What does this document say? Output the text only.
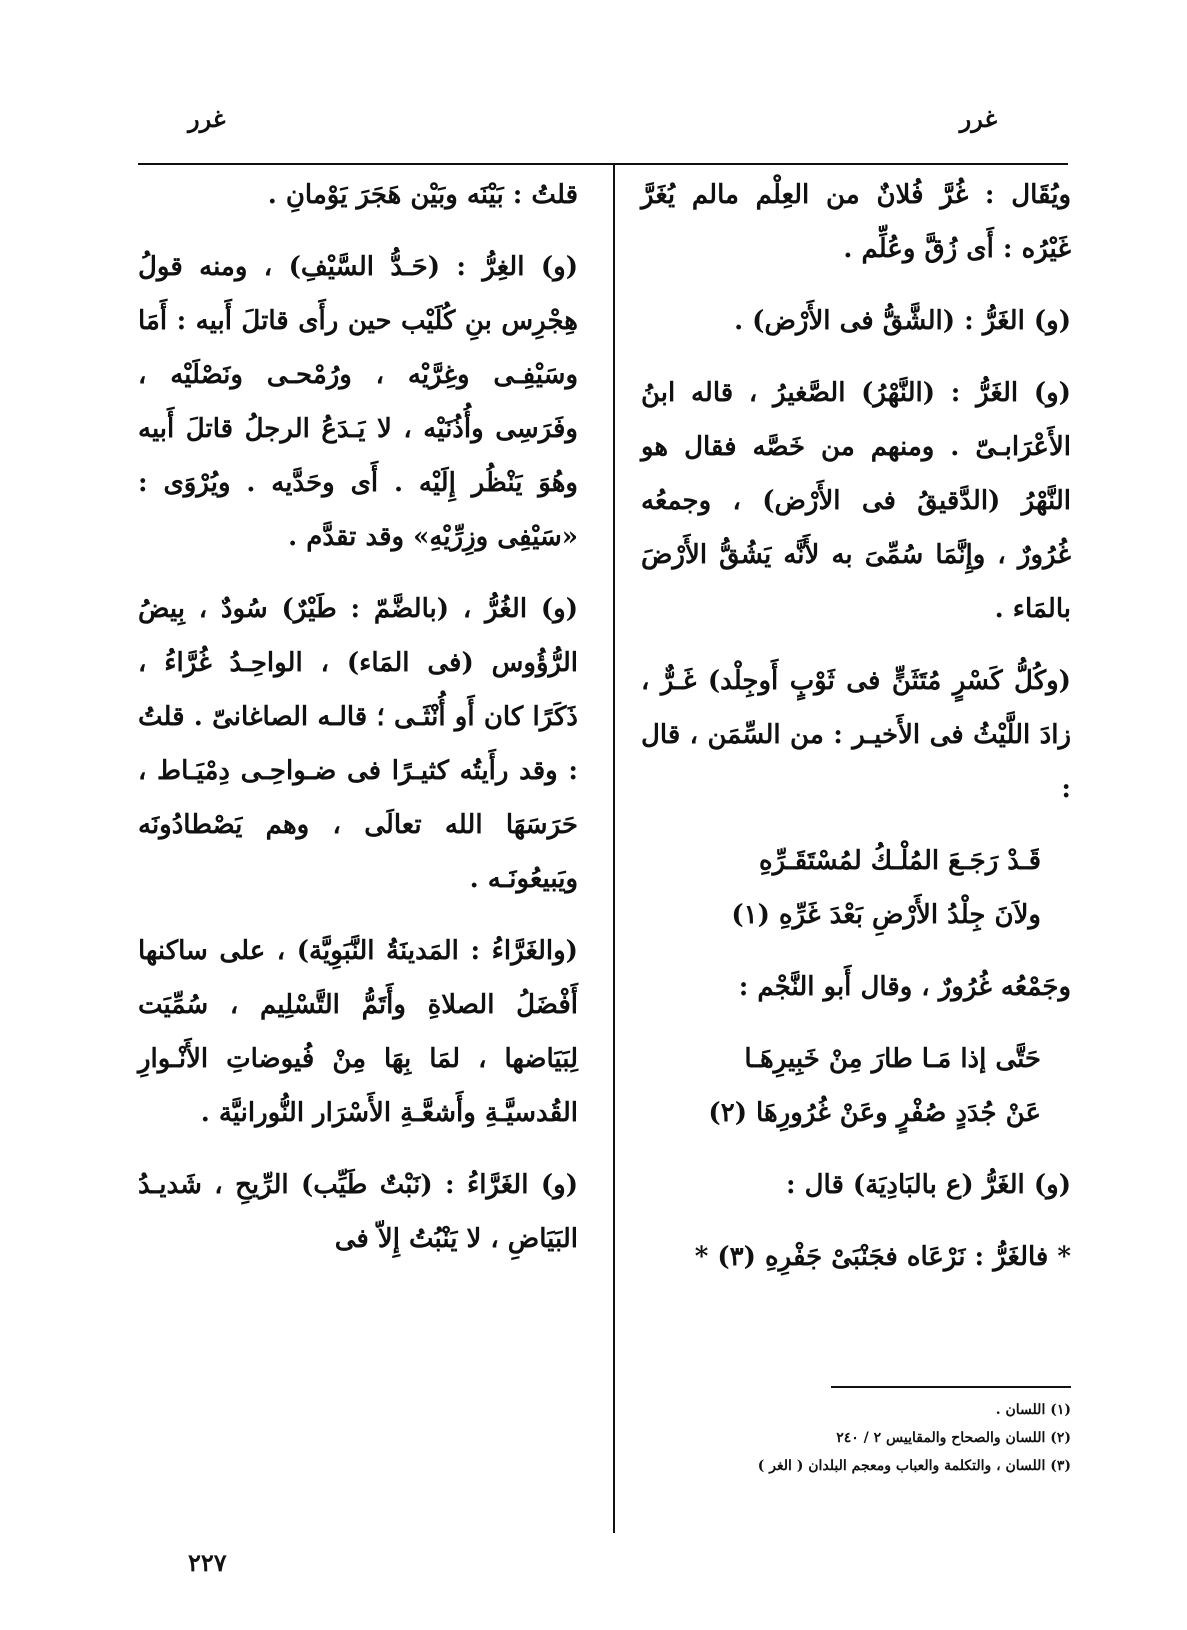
غرر
غرر

ويُقَال : غُرَّ فُلانٌ من العِلْم مالم يُغَرَّ غَيْرُه : أَى زُقَّ وعُلِّم .

(و) الغَرُّ : (الشَّقُّ فى الأَرْض) .

(و) الغَرُّ : (النَّهْرُ) الصَّغيرُ ، قاله ابنُ الأَعْرَابـىّ . ومنهم من خَصَّه فقال هو النَّهْرُ (الدَّقيقُ فى الأَرْض) ، وجمعُه غُرُورٌ ، وإِنَّمَا سُمِّىَ به لأَنَّه يَشُقُّ الأَرْضَ بالمَاء .

(وكُلُّ كَسْرٍ مُتَثَنٍّ فى ثَوْبٍ أَوجِلْد) غَـرٌّ ، زادَ اللَّيْثُ فى الأَخيـر : من السِّمَن ، قال :

قَـدْ رَجَـعَ المُلْـكُ لمُسْتَقَـرِّهِ
ولاَنَ جِلْدُ الأَرْضِ بَعْدَ غَرِّهِ (١)

وجَمْعُه غُرُورٌ ، وقال أَبو النَّجْم :

حَتَّى إذا مَـا طارَ مِنْ خَبِيرِهَـا
عَنْ جُدَدٍ صُفْرٍ وعَنْ غُرُورِهَا (٢)

(و) الغَرُّ (ع بالبَادِيَة) قال :

* فالغَرُّ : نَرْعَاه فجَنْبَىْ جَفْرِهِ (٣) *

قلتُ : بَيْنَه وبَيْن هَجَرَ يَوْمانِ .

(و) الغِرُّ : (حَـدُّ السَّيْفِ) ، ومنه قولُ هِجْرِس بنِ كُلَيْب حين رأَى قاتلَ أَبيه : أَمَا وسَيْفِـى وغِرَّيْه ، ورُمْحـى ونَصْلَيْه ، وفَرَسِى وأُذُنَيْه ، لا يَـدَعُ الرجلُ قاتلَ أَبيه وهُوَ يَنْظُر إِلَيْه . أَى وحَدَّيه . ويُرْوَى : «سَيْفِى وزِرِّيْهِ» وقد تقدَّم .

(و) الغُرُّ ، (بالضَّمّ : طَيْرٌ) سُودٌ ، بِيضُ الرُّؤُوس (فى المَاء) ، الواحِـدُ غُرَّاءُ ، ذَكَرًا كان أَو أُنْثَـى ؛ قالـه الصاغانىّ . قلتُ : وقد رأَيتُه كثيـرًا فى ضـواحِـى دِمْيَـاط ، حَرَسَهَا الله تعالَى ، وهم يَصْطادُونَه ويَبيعُونَـه .

(والغَرَّاءُ : المَدينَةُ النَّبَوِيَّة) ، على ساكنها أَفْضَلُ الصلاةِ وأَتَمُّ التَّسْلِيم ، سُمِّيَت لِبَيَاضها ، لمَا بِهَا مِنْ فُيوضاتِ الأَنْـوارِ القُدسيَّـةِ وأَشعَّـةِ الأَسْرَار النُّورانيَّة .

(و) الغَرَّاءُ : (نَبْتٌ طَيِّب) الرِّيحِ ، شَديـدُ البَيَاضِ ، لا يَنْبُتُ إِلاّ فى

(١) اللسان .
(٢) اللسان والصحاح والمقاييس ٢ / ٢٤٠
(٣) اللسان ، والتكلمة والعباب ومعجم البلدان ( الغر )
٢٢٧
